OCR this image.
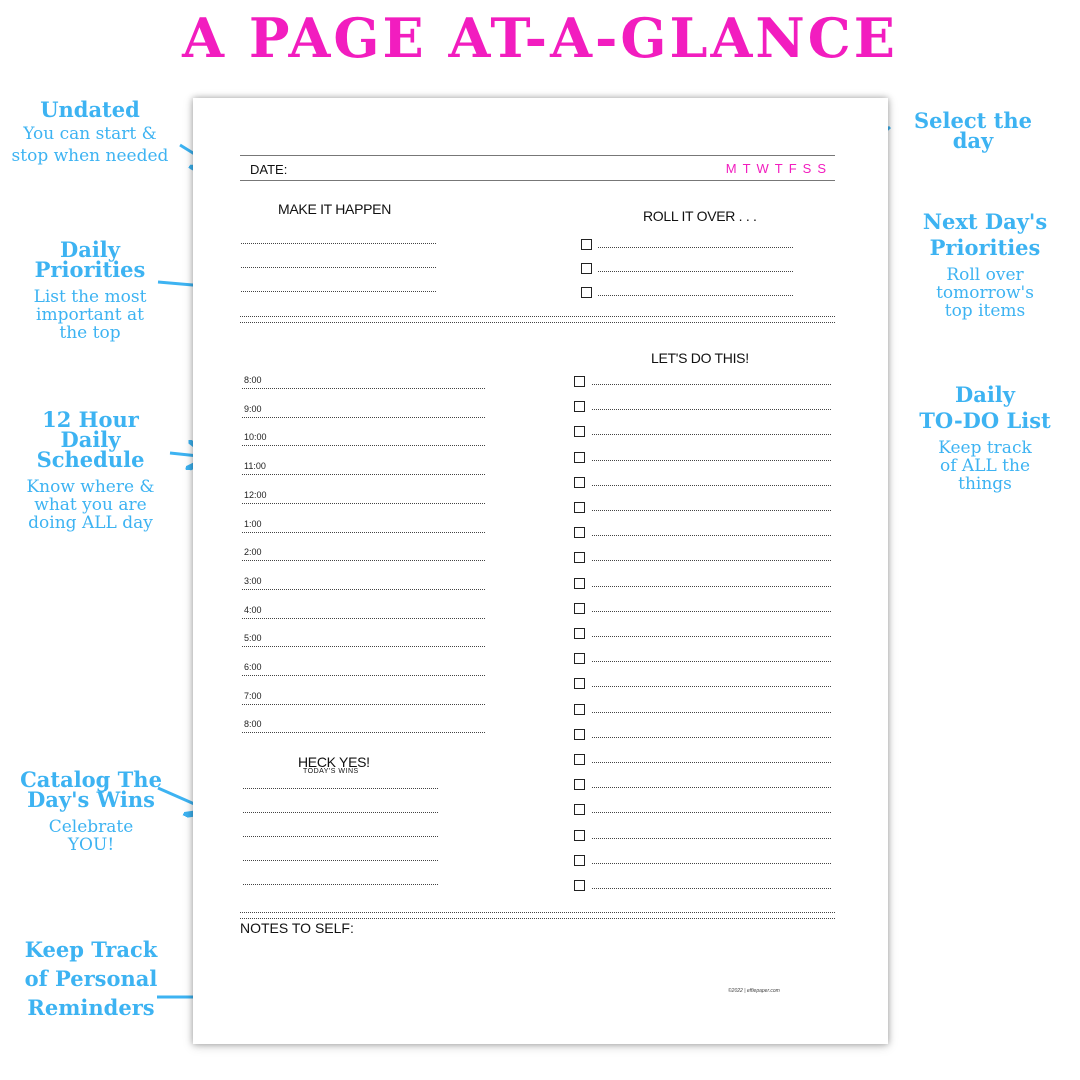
A PAGE AT-A-GLANCE
Undated
You can start &
stop when needed
Daily
Priorities
List the most
important at
the top
12 Hour
Daily Schedule
Know where &
what you are
doing ALL day
Catalog The
Day's Wins
Celebrate
YOU!
Keep Track
of Personal
Reminders
Select the day
Next Day's
Priorities
Roll over
tomorrow's
top items
Daily
TO-DO List
Keep track
of ALL the
things
DATE:	MTWTFSS
MAKE IT HAPPEN	ROLL IT OVER . . .
LET'S DO THIS!
8:00
9:00
10:00
11:00
12:00
1:00
2:00
3:00
4:00
5:00
6:00
7:00
8:00
HECK YES!
TODAY'S WINS
NOTES TO SELF:
©2022 | effiepaper.com
